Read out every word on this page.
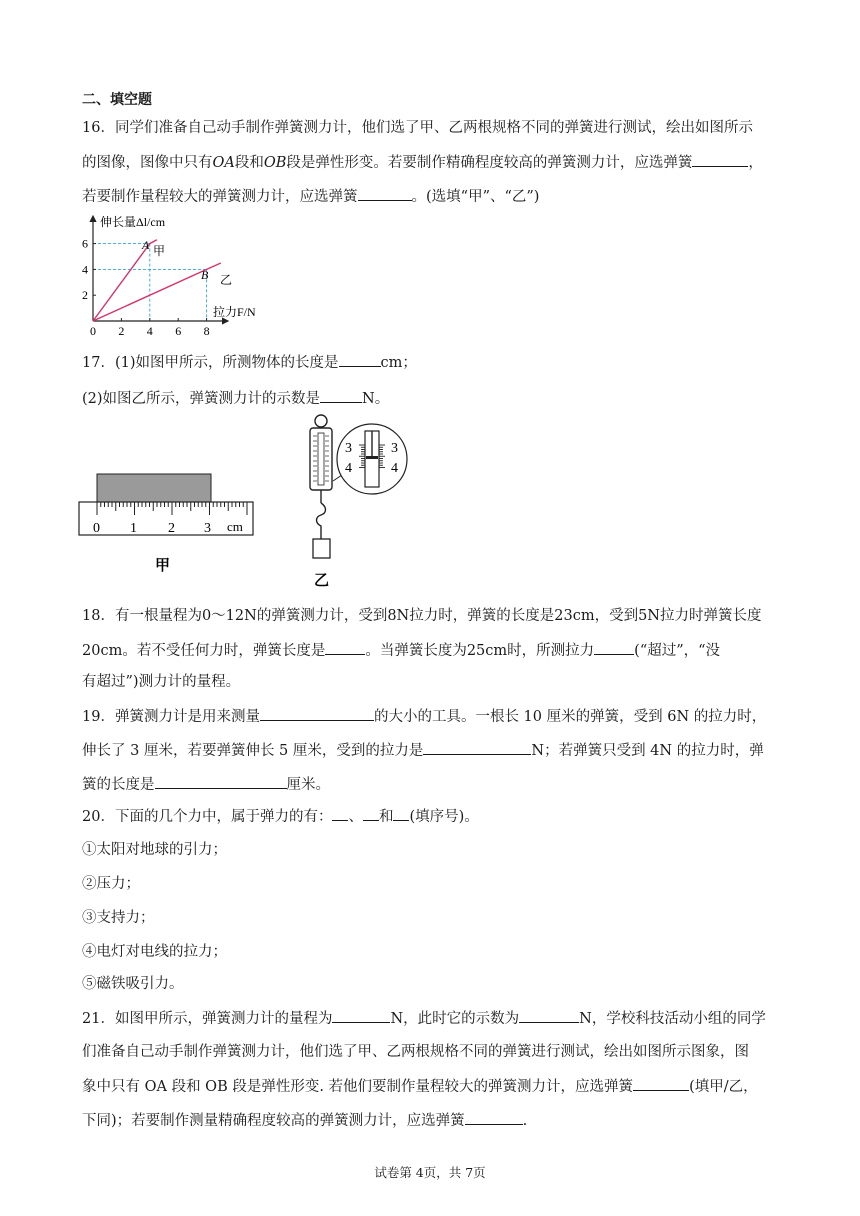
二、填空题
16．同学们准备自己动手制作弹簧测力计，他们选了甲、乙两根规格不同的弹簧进行测试，绘出如图所示
的图像，图像中只有OA段和OB段是弹性形变。若要制作精确程度较高的弹簧测力计，应选弹簧	，
若要制作量程较大的弹簧测力计，应选弹簧	。(选填“甲”、“乙”)
0 2 4 6 8
2
4
6
伸长量Δl/cm
拉力F/N
A 甲
B 乙
17．(1)如图甲所示，所测物体的长度是	cm；
(2)如图乙所示，弹簧测力计的示数是	N。
0 1 2 3 cm
甲
3
4
3
4
乙
18．有一根量程为0～12N的弹簧测力计，受到8N拉力时，弹簧的长度是23cm，受到5N拉力时弹簧长度
20cm。若不受任何力时，弹簧长度是	。当弹簧长度为25cm时，所测拉力	(“超过”，“没
有超过”)测力计的量程。
19．弹簧测力计是用来测量	的大小的工具。一根长 10 厘米的弹簧，受到 6N 的拉力时，
伸长了 3 厘米，若要弹簧伸长 5 厘米，受到的拉力是	N；若弹簧只受到 4N 的拉力时，弹
簧的长度是	厘米。
20．下面的几个力中，属于弹力的有： 、 和 (填序号)。
①太阳对地球的引力；
②压力；
③支持力；
④电灯对电线的拉力；
⑤磁铁吸引力。
21．如图甲所示，弹簧测力计的量程为	N，此时它的示数为	N，学校科技活动小组的同学
们准备自己动手制作弹簧测力计，他们选了甲、乙两根规格不同的弹簧进行测试，绘出如图所示图象，图
象中只有 OA 段和 OB 段是弹性形变. 若他们要制作量程较大的弹簧测力计，应选弹簧	(填甲/乙，
下同)；若要制作测量精确程度较高的弹簧测力计，应选弹簧	.
试卷第 4页，共 7页
